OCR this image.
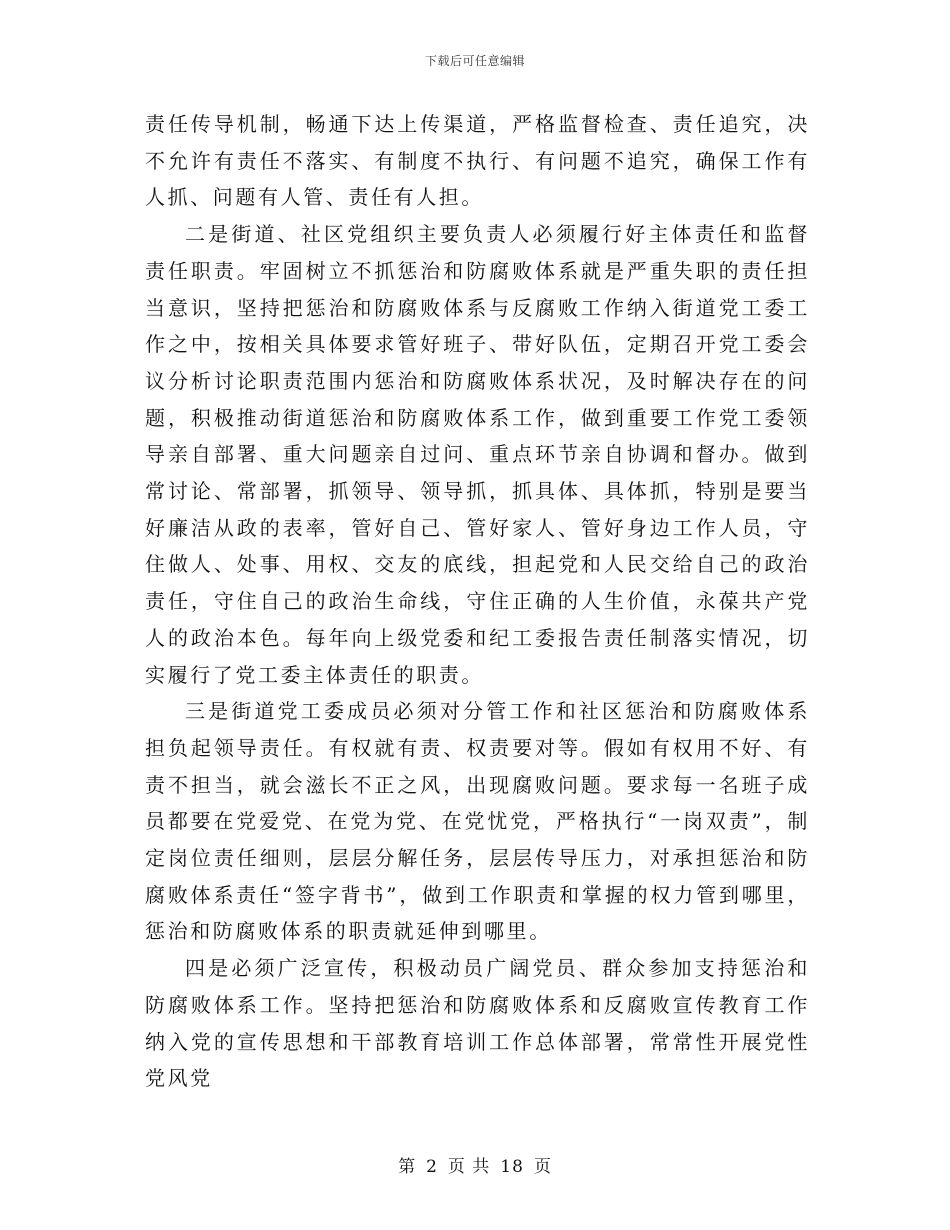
下载后可任意编辑

责任传导机制，畅通下达上传渠道，严格监督检查、责任追究，决不允许有责任不落实、有制度不执行、有问题不追究，确保工作有人抓、问题有人管、责任有人担。

二是街道、社区党组织主要负责人必须履行好主体责任和监督责任职责。牢固树立不抓惩治和防腐败体系就是严重失职的责任担当意识，坚持把惩治和防腐败体系与反腐败工作纳入街道党工委工作之中，按相关具体要求管好班子、带好队伍，定期召开党工委会议分析讨论职责范围内惩治和防腐败体系状况，及时解决存在的问题，积极推动街道惩治和防腐败体系工作，做到重要工作党工委领导亲自部署、重大问题亲自过问、重点环节亲自协调和督办。做到常讨论、常部署，抓领导、领导抓，抓具体、具体抓，特别是要当好廉洁从政的表率，管好自己、管好家人、管好身边工作人员，守住做人、处事、用权、交友的底线，担起党和人民交给自己的政治责任，守住自己的政治生命线，守住正确的人生价值，永葆共产党人的政治本色。每年向上级党委和纪工委报告责任制落实情况，切实履行了党工委主体责任的职责。

三是街道党工委成员必须对分管工作和社区惩治和防腐败体系担负起领导责任。有权就有责、权责要对等。假如有权用不好、有责不担当，就会滋长不正之风，出现腐败问题。要求每一名班子成员都要在党爱党、在党为党、在党忧党，严格执行“一岗双责”，制定岗位责任细则，层层分解任务，层层传导压力，对承担惩治和防腐败体系责任“签字背书”，做到工作职责和掌握的权力管到哪里，惩治和防腐败体系的职责就延伸到哪里。

四是必须广泛宣传，积极动员广阔党员、群众参加支持惩治和防腐败体系工作。坚持把惩治和防腐败体系和反腐败宣传教育工作纳入党的宣传思想和干部教育培训工作总体部署，常常性开展党性党风党

第 2 页 共 18 页
